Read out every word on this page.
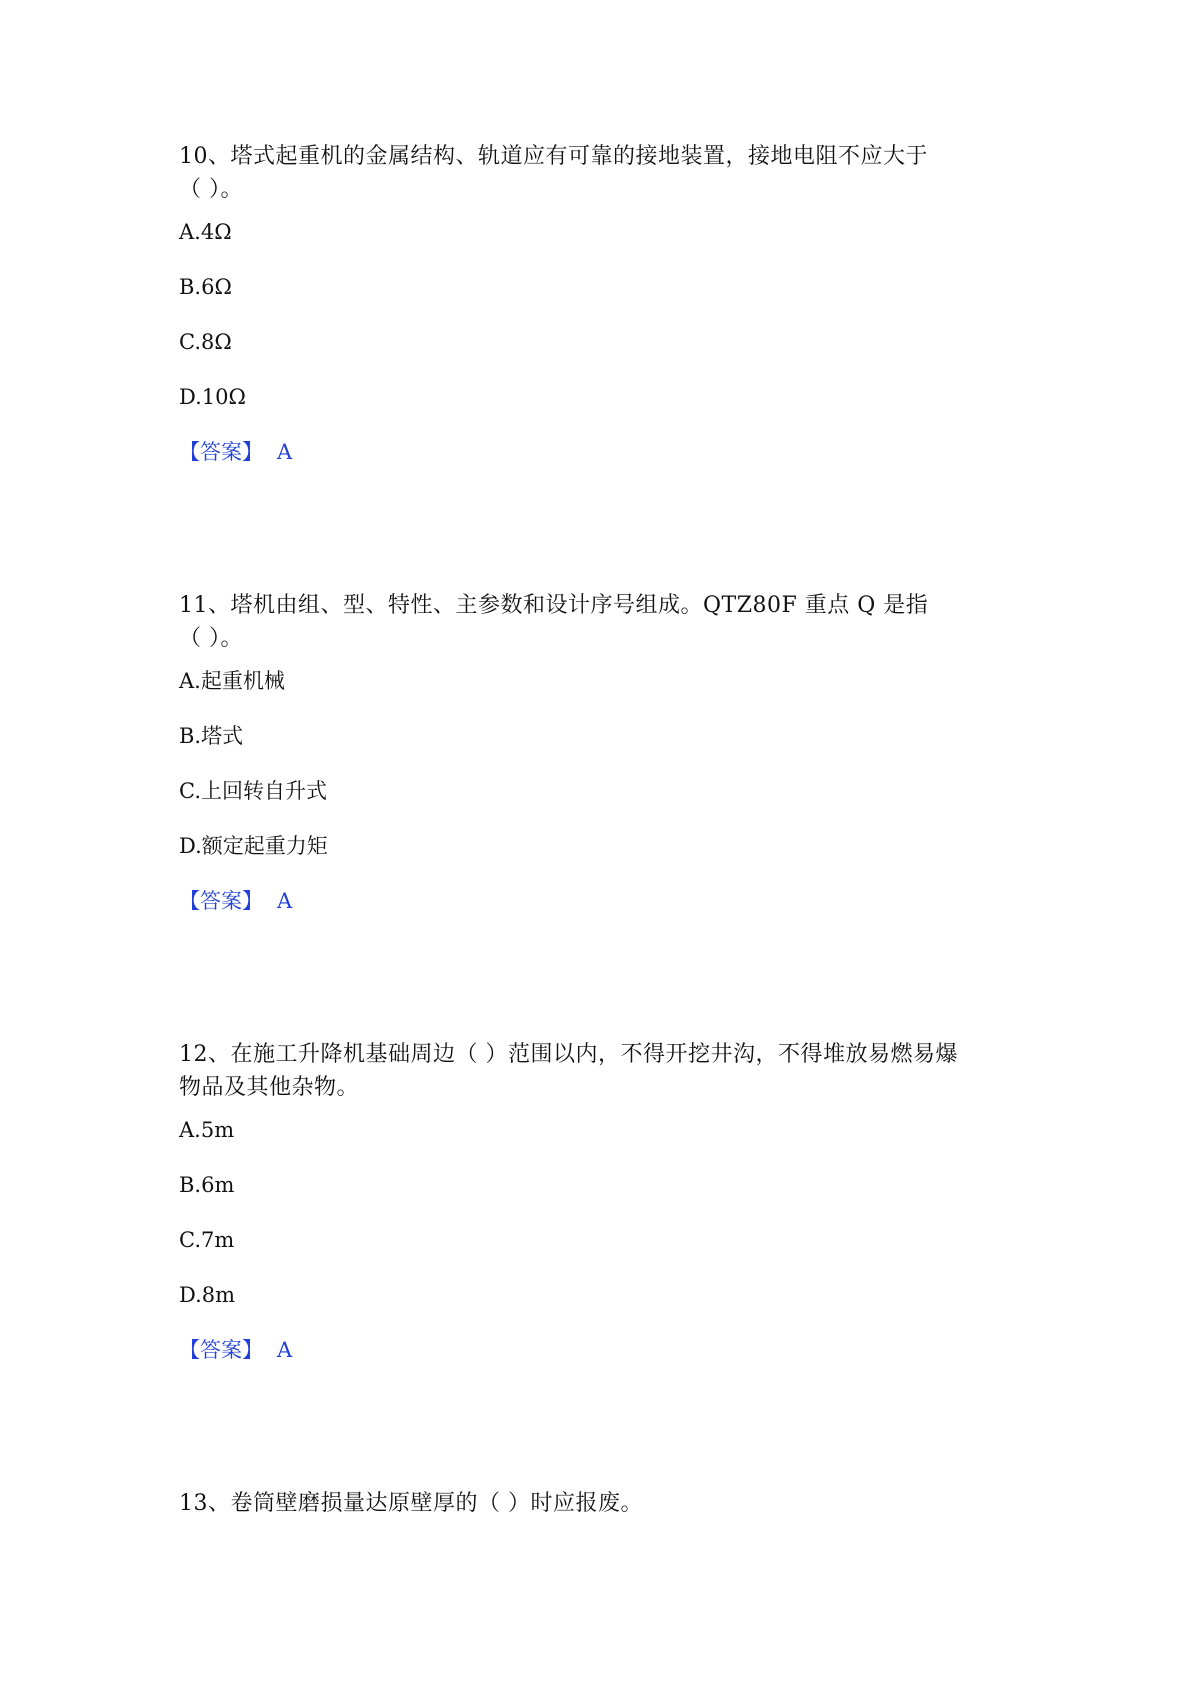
10、塔式起重机的金属结构、轨道应有可靠的接地装置，接地电阻不应大于
（ ）。

A.4Ω
B.6Ω
C.8Ω
D.10Ω
【答案】 A

11、塔机由组、型、特性、主参数和设计序号组成。QTZ80F 重点 Q 是指
（ ）。

A.起重机械
B.塔式
C.上回转自升式
D.额定起重力矩
【答案】 A

12、在施工升降机基础周边（ ）范围以内，不得开挖井沟，不得堆放易燃易爆
物品及其他杂物。

A.5m
B.6m
C.7m
D.8m
【答案】 A

13、卷筒壁磨损量达原壁厚的（ ）时应报废。
